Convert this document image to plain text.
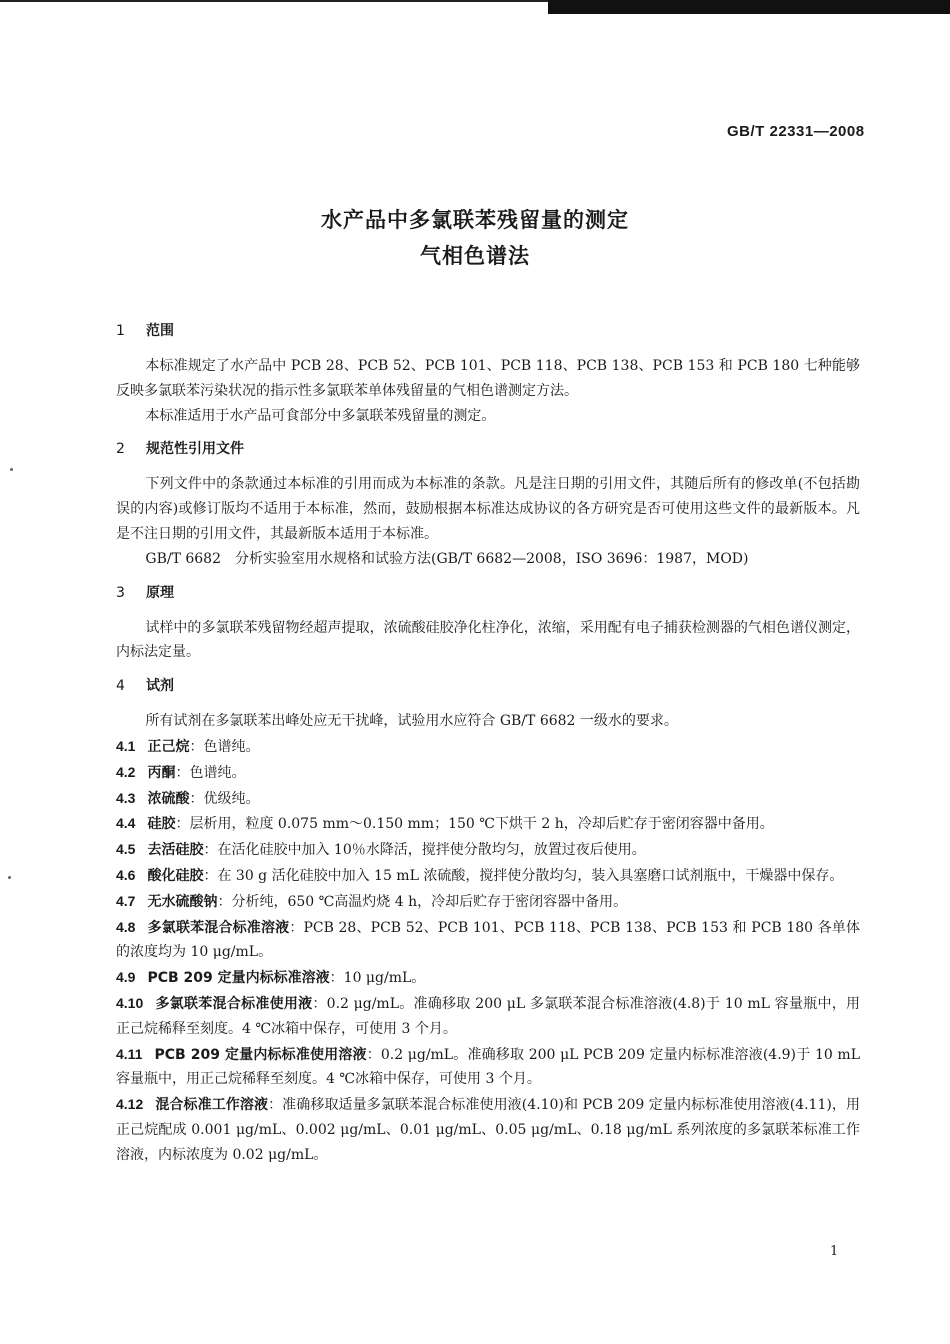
GB/T 22331—2008
水产品中多氯联苯残留量的测定
气相色谱法
1 范围

本标准规定了水产品中 PCB 28、PCB 52、PCB 101、PCB 118、PCB 138、PCB 153 和 PCB 180 七种能够反映多氯联苯污染状况的指示性多氯联苯单体残留量的气相色谱测定方法。

本标准适用于水产品可食部分中多氯联苯残留量的测定。

2 规范性引用文件

下列文件中的条款通过本标准的引用而成为本标准的条款。凡是注日期的引用文件，其随后所有的修改单(不包括勘误的内容)或修订版均不适用于本标准，然而，鼓励根据本标准达成协议的各方研究是否可使用这些文件的最新版本。凡是不注日期的引用文件，其最新版本适用于本标准。

GB/T 6682　分析实验室用水规格和试验方法(GB/T 6682—2008，ISO 3696：1987，MOD)

3 原理

试样中的多氯联苯残留物经超声提取，浓硫酸硅胶净化柱净化，浓缩，采用配有电子捕获检测器的气相色谱仪测定，内标法定量。

4 试剂

所有试剂在多氯联苯出峰处应无干扰峰，试验用水应符合 GB/T 6682 一级水的要求。

4.1 正己烷：色谱纯。

4.2 丙酮：色谱纯。

4.3 浓硫酸：优级纯。

4.4 硅胶：层析用，粒度 0.075 mm～0.150 mm；150 ℃下烘干 2 h，冷却后贮存于密闭容器中备用。

4.5 去活硅胶：在活化硅胶中加入 10％水降活，搅拌使分散均匀，放置过夜后使用。

4.6 酸化硅胶：在 30 g 活化硅胶中加入 15 mL 浓硫酸，搅拌使分散均匀，装入具塞磨口试剂瓶中，干燥器中保存。

4.7 无水硫酸钠：分析纯，650 ℃高温灼烧 4 h，冷却后贮存于密闭容器中备用。

4.8 多氯联苯混合标准溶液：PCB 28、PCB 52、PCB 101、PCB 118、PCB 138、PCB 153 和 PCB 180 各单体的浓度均为 10 μg/mL。

4.9 PCB 209 定量内标标准溶液：10 μg/mL。

4.10 多氯联苯混合标准使用液：0.2 μg/mL。准确移取 200 μL 多氯联苯混合标准溶液(4.8)于 10 mL 容量瓶中，用正己烷稀释至刻度。4 ℃冰箱中保存，可使用 3 个月。

4.11 PCB 209 定量内标标准使用溶液：0.2 μg/mL。准确移取 200 μL PCB 209 定量内标标准溶液(4.9)于 10 mL 容量瓶中，用正己烷稀释至刻度。4 ℃冰箱中保存，可使用 3 个月。

4.12 混合标准工作溶液：准确移取适量多氯联苯混合标准使用液(4.10)和 PCB 209 定量内标标准使用溶液(4.11)，用正己烷配成 0.001 μg/mL、0.002 μg/mL、0.01 μg/mL、0.05 μg/mL、0.18 μg/mL 系列浓度的多氯联苯标准工作溶液，内标浓度为 0.02 μg/mL。

1
